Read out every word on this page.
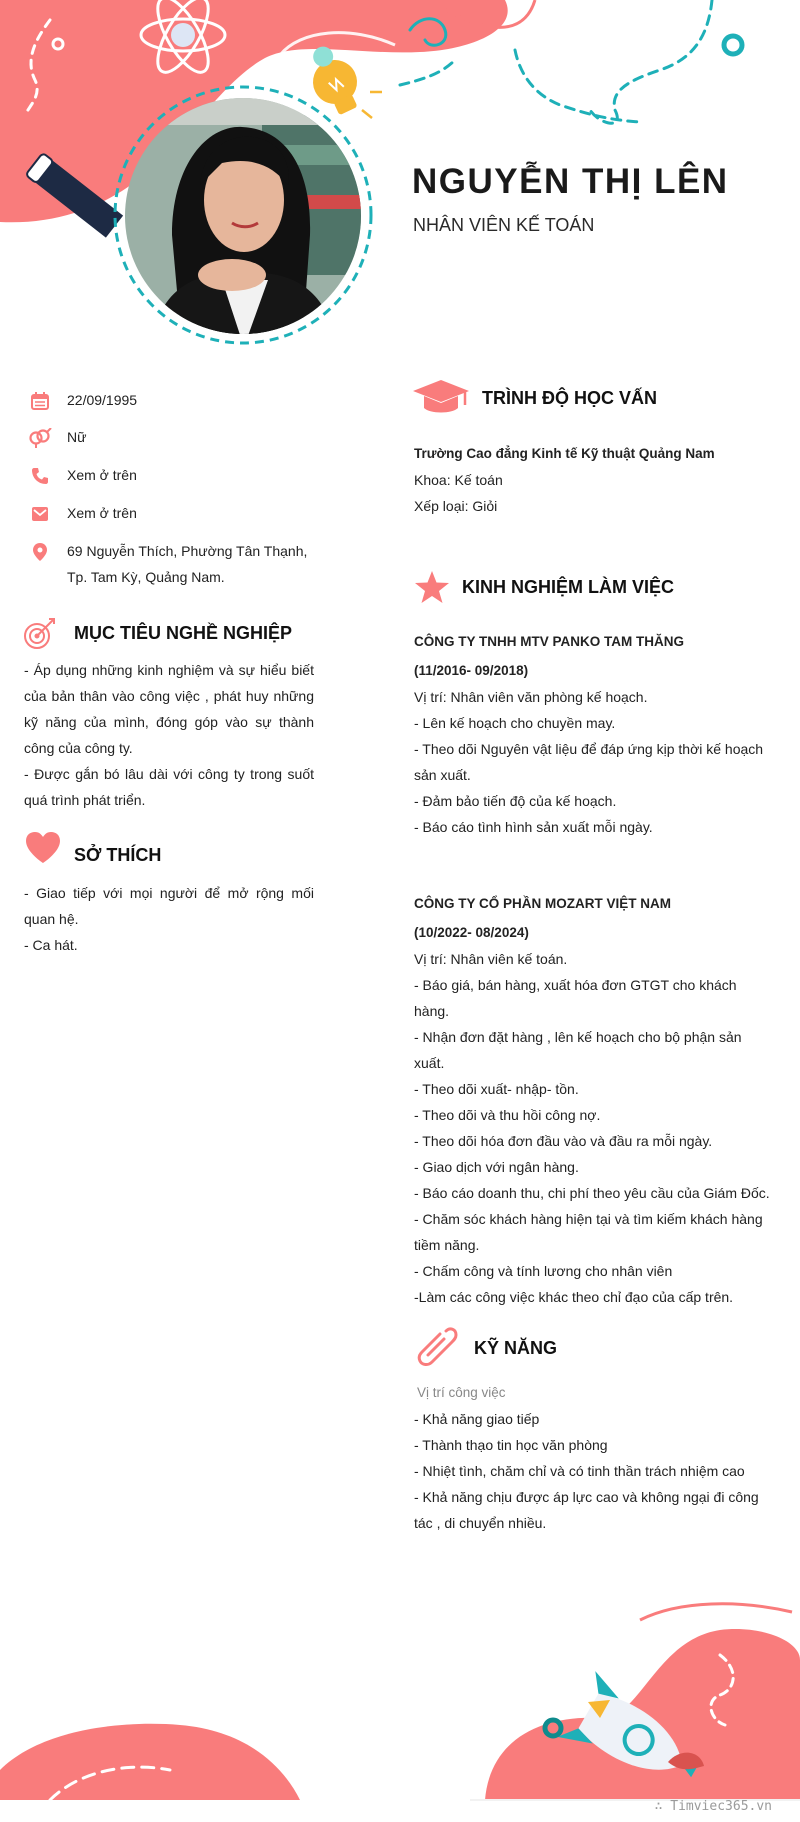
NGUYỄN THỊ LÊN
NHÂN VIÊN KẾ TOÁN
22/09/1995
Nữ
Xem ở trên
Xem ở trên
69 Nguyễn Thích, Phường Tân Thạnh,
Tp. Tam Kỳ, Quảng Nam.
MỤC TIÊU NGHỀ NGHIỆP

- Áp dụng những kinh nghiệm và sự hiểu biết của bản thân vào công việc , phát huy những kỹ năng của mình, đóng góp vào sự thành công của công ty.

- Được gắn bó lâu dài với công ty trong suốt quá trình phát triển.

SỞ THÍCH

- Giao tiếp với mọi người để mở rộng mối quan hệ.

- Ca hát.

TRÌNH ĐỘ HỌC VẤN

Trường Cao đẳng Kinh tế Kỹ thuật Quảng Nam

Khoa: Kế toán

Xếp loại: Giỏi

KINH NGHIỆM LÀM VIỆC

CÔNG TY TNHH MTV PANKO TAM THĂNG

(11/2016- 09/2018)

Vị trí: Nhân viên văn phòng kế hoạch.

- Lên kế hoạch cho chuyền may.

- Theo dõi Nguyên vật liệu để đáp ứng kịp thời kế hoạch sản xuất.

- Đảm bảo tiến độ của kế hoạch.

- Báo cáo tình hình sản xuất mỗi ngày.

CÔNG TY CỔ PHẦN MOZART VIỆT NAM

(10/2022- 08/2024)

Vị trí: Nhân viên kế toán.

- Báo giá, bán hàng, xuất hóa đơn GTGT cho khách hàng.

- Nhận đơn đặt hàng , lên kế hoạch cho bộ phận sản xuất.

- Theo dõi xuất- nhập- tồn.

- Theo dõi và thu hồi công nợ.

- Theo dõi hóa đơn đầu vào và đầu ra mỗi ngày.

- Giao dịch với ngân hàng.

- Báo cáo doanh thu, chi phí theo yêu cầu của Giám Đốc.

- Chăm sóc khách hàng hiện tại và tìm kiếm khách hàng tiềm năng.

- Chấm công và tính lương cho nhân viên

-Làm các công việc khác theo chỉ đạo của cấp trên.

KỸ NĂNG

Vị trí công việc

- Khả năng giao tiếp

- Thành thạo tin học văn phòng

- Nhiệt tình, chăm chỉ và có tinh thần trách nhiệm cao

- Khả năng chịu được áp lực cao và không ngại đi công tác , di chuyển nhiều.

∴ Timviec365.vn
